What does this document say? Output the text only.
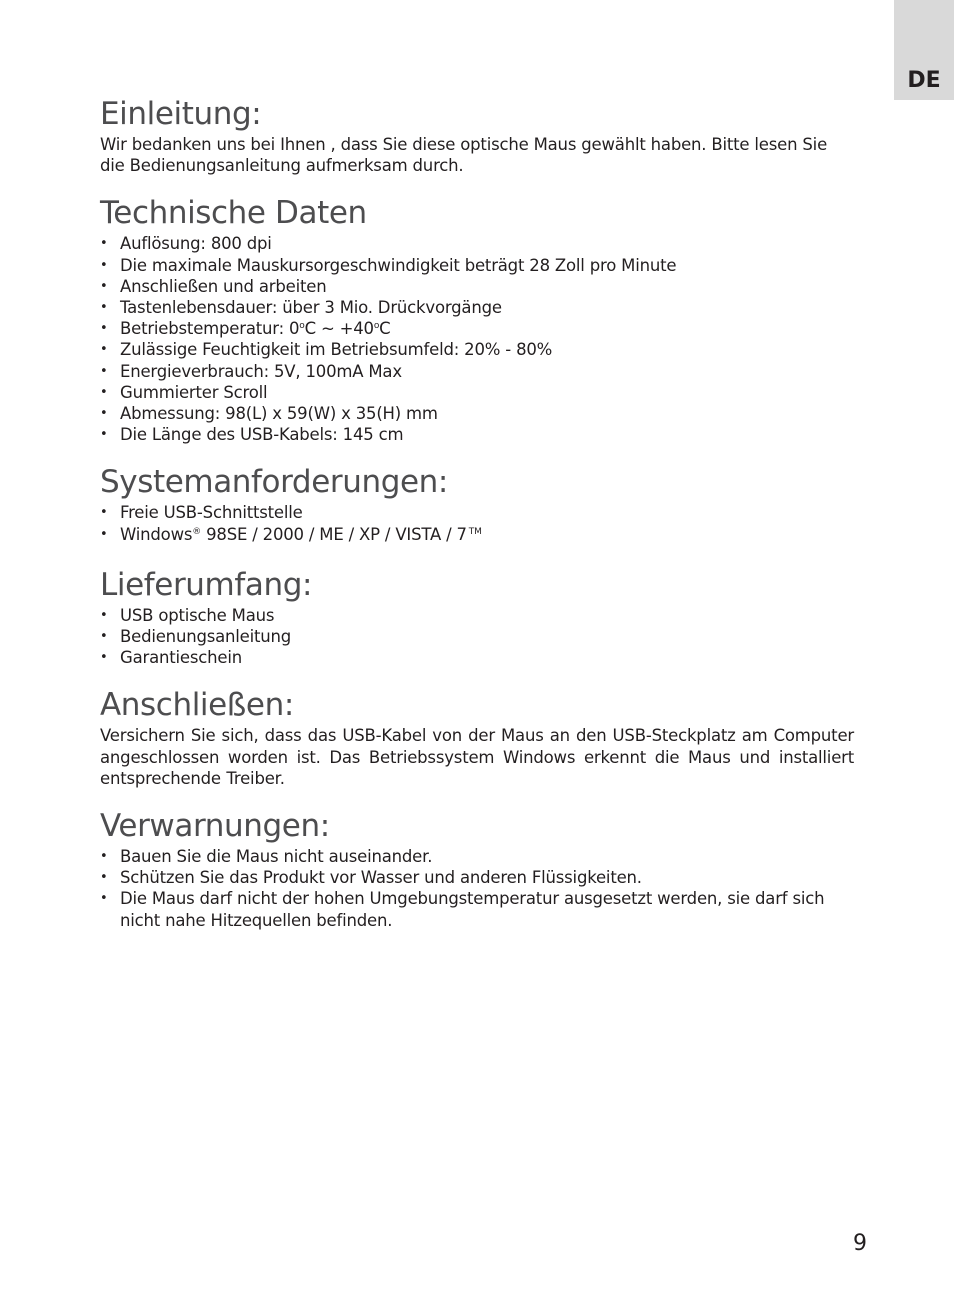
DE
Einleitung:

Wir bedanken uns bei Ihnen , dass Sie diese optische Maus gewählt haben. Bitte lesen Sie die Bedienungsanleitung aufmerksam durch.

Technische Daten
• Auflösung: 800 dpi
• Die maximale Mauskursorgeschwindigkeit beträgt 28 Zoll pro Minute
• Anschließen und arbeiten
• Tastenlebensdauer: über 3 Mio. Drückvorgänge
• Betriebstemperatur: 0$^o$C ~ $+40^oC$
• Zulässige Feuchtigkeit im Betriebsumfeld: 20% - 80%
• Energieverbrauch: 5V, 100mA Max
• Gummierter Scroll
• Abmessung: 98(L) x 59(W) x 35(H) mm
• Die Länge des USB-Kabels: 145 cm
Systemanforderungen:
• Freie USB-Schnittstelle
• Windows® 98SE / 2000 / ME / XP / VISTA / 7 ™
Lieferumfang:
• USB optische Maus
• Bedienungsanleitung
• Garantieschein
Anschließen:

Versichern Sie sich, dass das USB-Kabel von der Maus an den USB-Steckplatz am Computer angeschlossen worden ist. Das Betriebssystem Windows erkennt die Maus und installiert entsprechende Treiber.

Verwarnungen:
• Bauen Sie die Maus nicht auseinander.
• Schützen Sie das Produkt vor Wasser und anderen Flüssigkeiten.
• Die Maus darf nicht der hohen Umgebungstemperatur ausgesetzt werden, sie darf sich nicht nahe Hitzequellen befinden.
9
